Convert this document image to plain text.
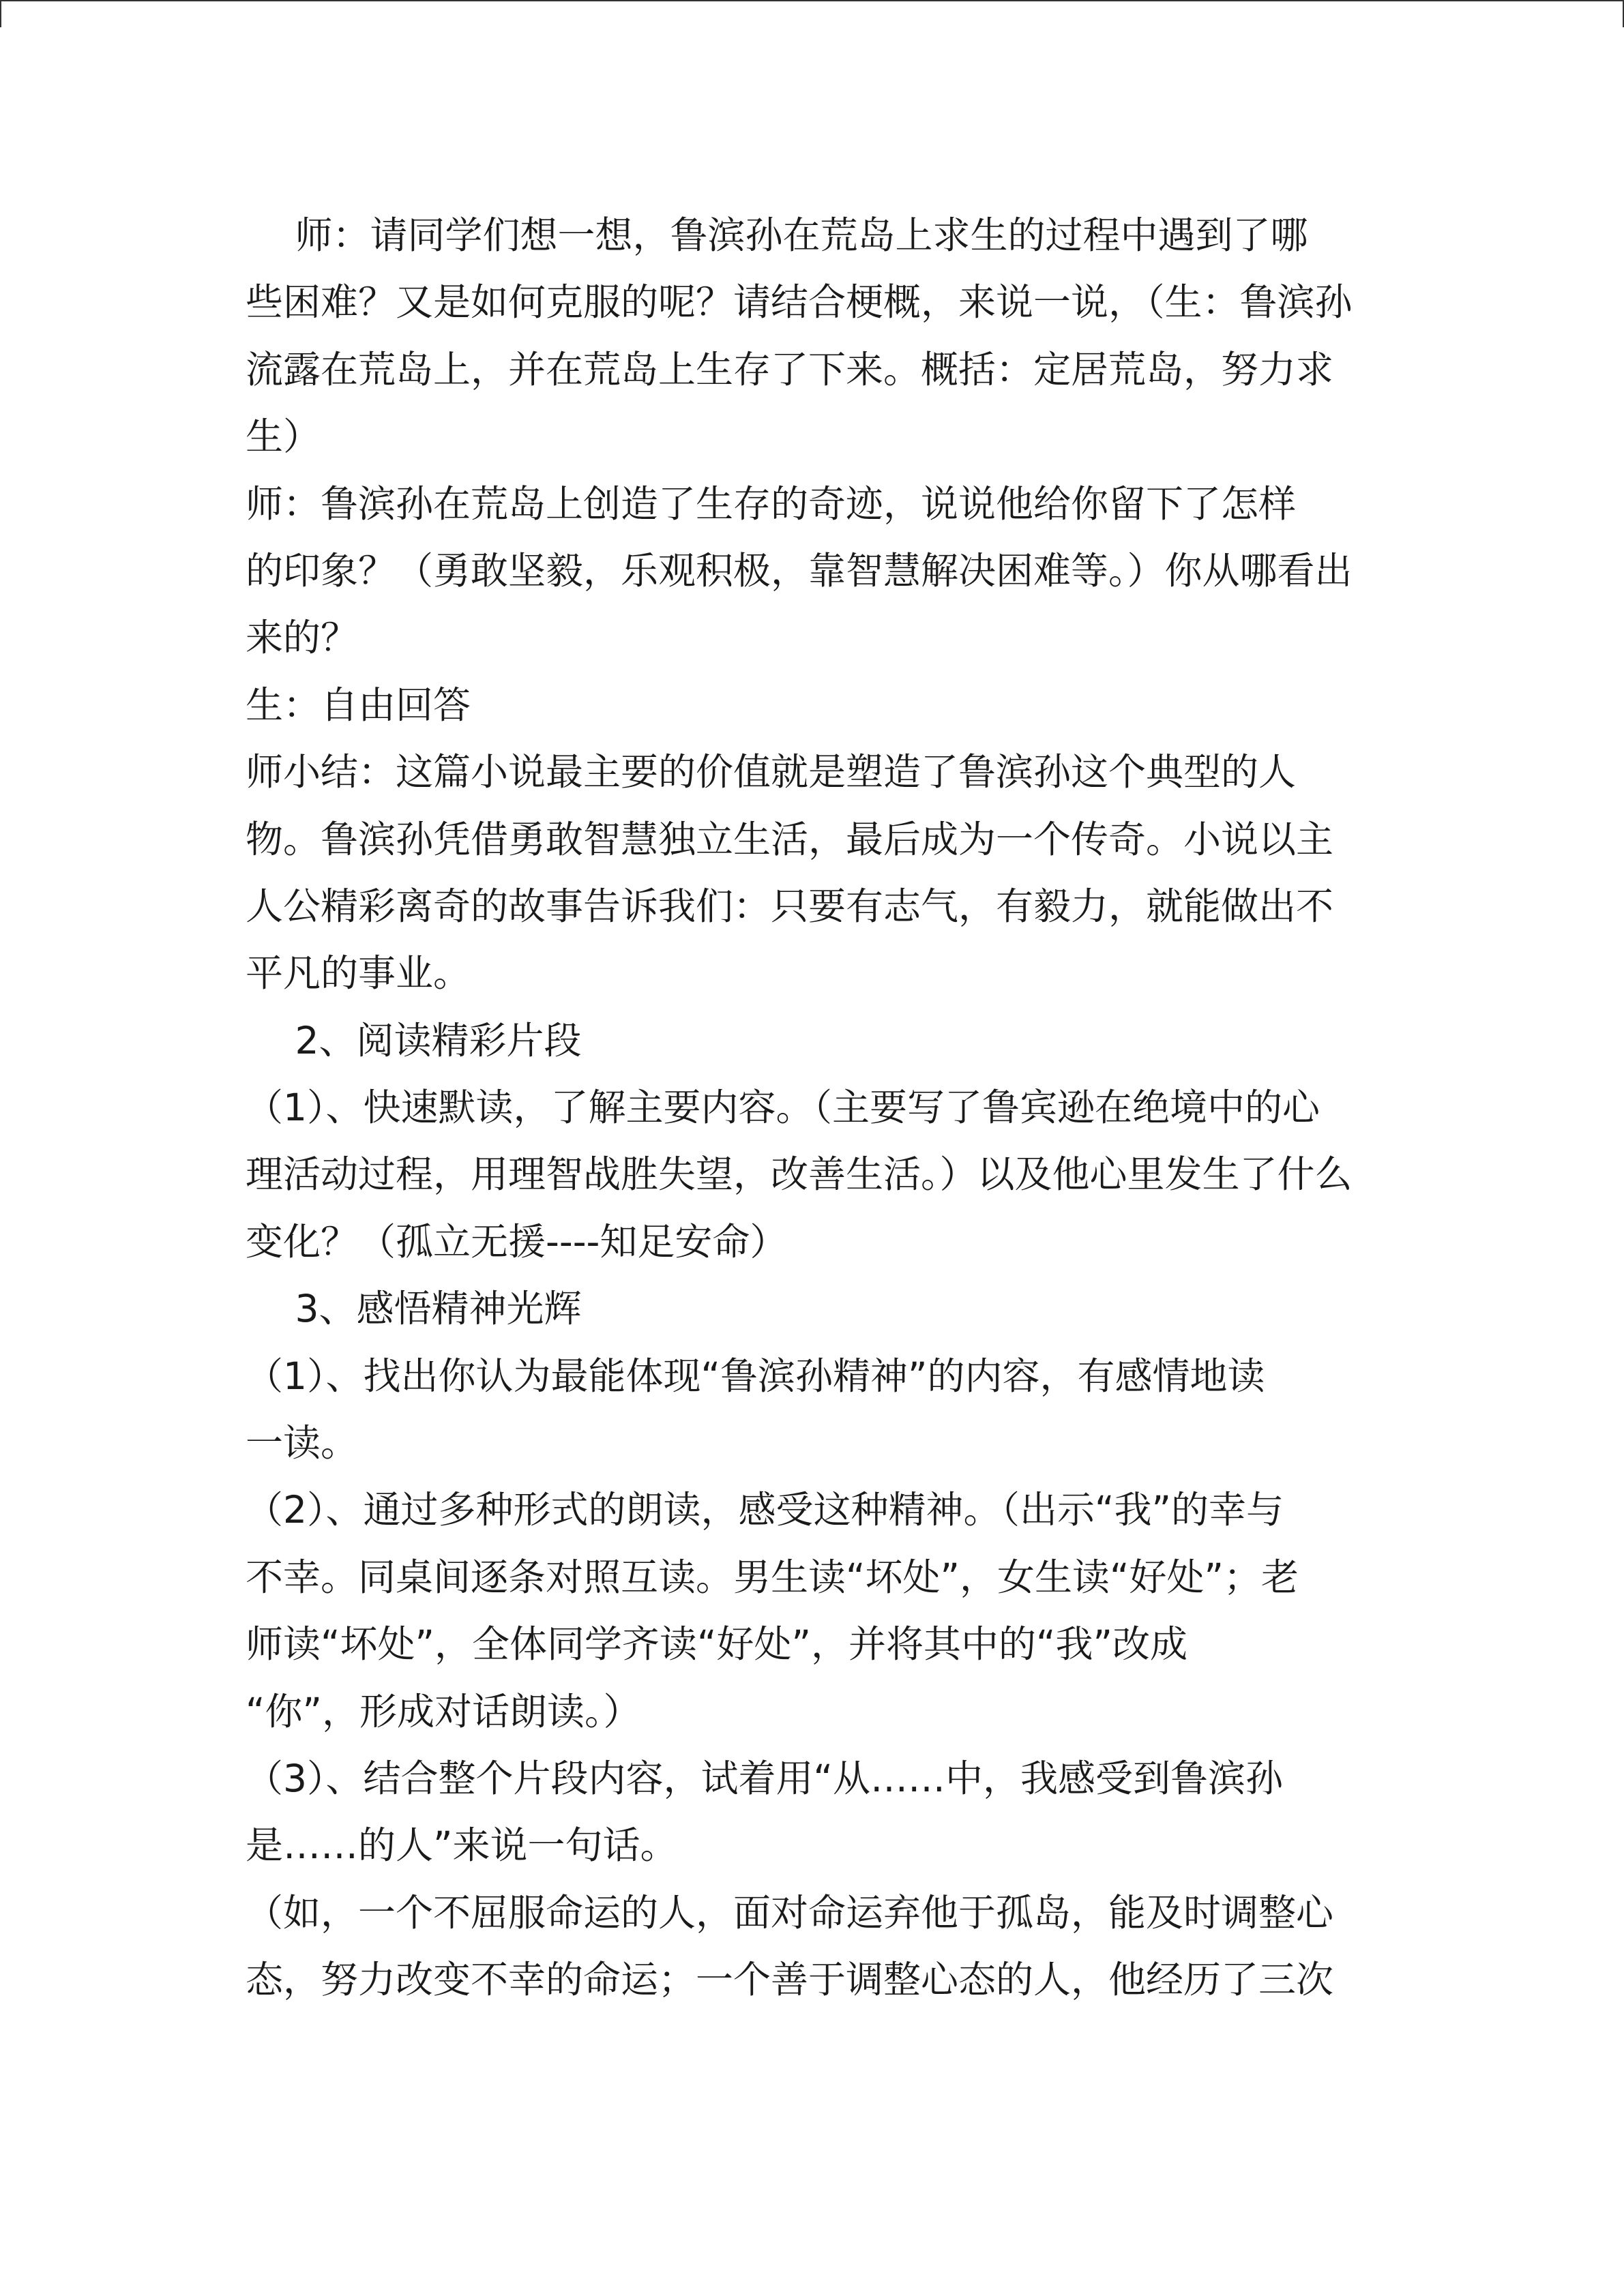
　 师：请同学们想一想，鲁滨孙在荒岛上求生的过程中遇到了哪
些困难？又是如何克服的呢？请结合梗概，来说一说，（生：鲁滨孙
流露在荒岛上，并在荒岛上生存了下来。概括：定居荒岛，努力求
生）
师：鲁滨孙在荒岛上创造了生存的奇迹，说说他给你留下了怎样
的印象？（勇敢坚毅，乐观积极，靠智慧解决困难等。）你从哪看出
来的？
生：自由回答
师小结：这篇小说最主要的价值就是塑造了鲁滨孙这个典型的人
物。鲁滨孙凭借勇敢智慧独立生活，最后成为一个传奇。小说以主
人公精彩离奇的故事告诉我们：只要有志气，有毅力，就能做出不
平凡的事业。
　 2、阅读精彩片段
（1）、快速默读，了解主要内容。（主要写了鲁宾逊在绝境中的心
理活动过程，用理智战胜失望，改善生活。）以及他心里发生了什么
变化？（孤立无援----知足安命）
　 3、感悟精神光辉
（1）、找出你认为最能体现“鲁滨孙精神”的内容，有感情地读
一读。
（2）、通过多种形式的朗读，感受这种精神。（出示“我”的幸与
不幸。同桌间逐条对照互读。男生读“坏处”，女生读“好处”；老
师读“坏处”，全体同学齐读“好处”，并将其中的“我”改成
“你”，形成对话朗读。）
（3）、结合整个片段内容，试着用“从……中，我感受到鲁滨孙
是……的人”来说一句话。
（如，一个不屈服命运的人，面对命运弃他于孤岛，能及时调整心
态，努力改变不幸的命运；一个善于调整心态的人，他经历了三次
